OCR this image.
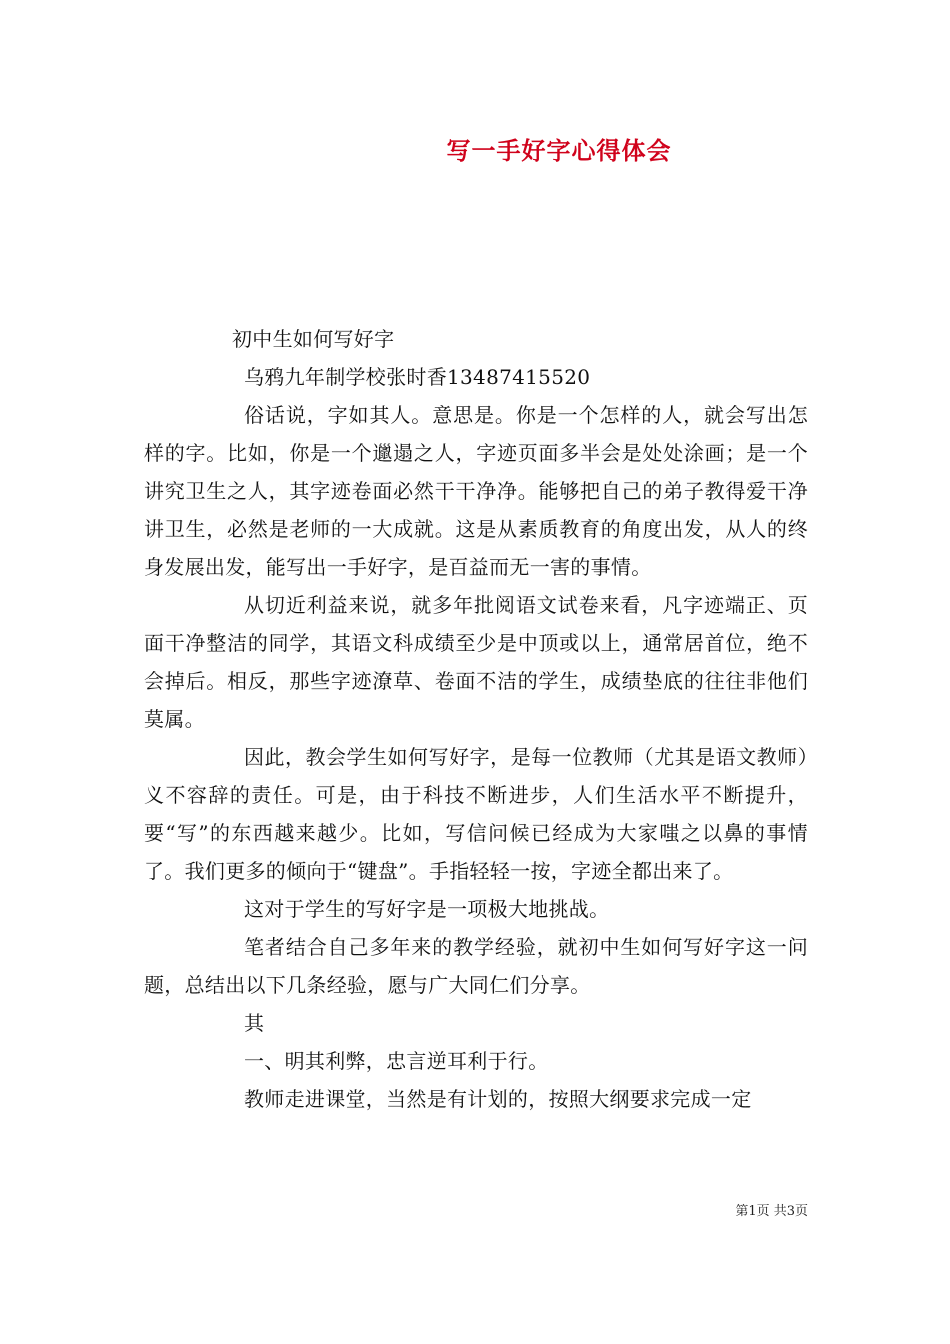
写一手好字心得体会

初中生如何写好字

乌鸦九年制学校张时香13487415520

俗话说，字如其人。意思是。你是一个怎样的人，就会写出怎样的字。比如，你是一个邋遢之人，字迹页面多半会是处处涂画；是一个讲究卫生之人，其字迹卷面必然干干净净。能够把自己的弟子教得爱干净讲卫生，必然是老师的一大成就。这是从素质教育的角度出发，从人的终身发展出发，能写出一手好字，是百益而无一害的事情。

从切近利益来说，就多年批阅语文试卷来看，凡字迹端正、页面干净整洁的同学，其语文科成绩至少是中顶或以上，通常居首位，绝不会掉后。相反，那些字迹潦草、卷面不洁的学生，成绩垫底的往往非他们莫属。

因此，教会学生如何写好字，是每一位教师（尤其是语文教师）义不容辞的责任。可是，由于科技不断进步，人们生活水平不断提升，要“写”的东西越来越少。比如，写信问候已经成为大家嗤之以鼻的事情了。我们更多的倾向于“键盘”。手指轻轻一按，字迹全都出来了。

这对于学生的写好字是一项极大地挑战。

笔者结合自己多年来的教学经验，就初中生如何写好字这一问题，总结出以下几条经验，愿与广大同仁们分享。

其

一、明其利弊，忠言逆耳利于行。

教师走进课堂，当然是有计划的，按照大纲要求完成一定

第1页 共3页
